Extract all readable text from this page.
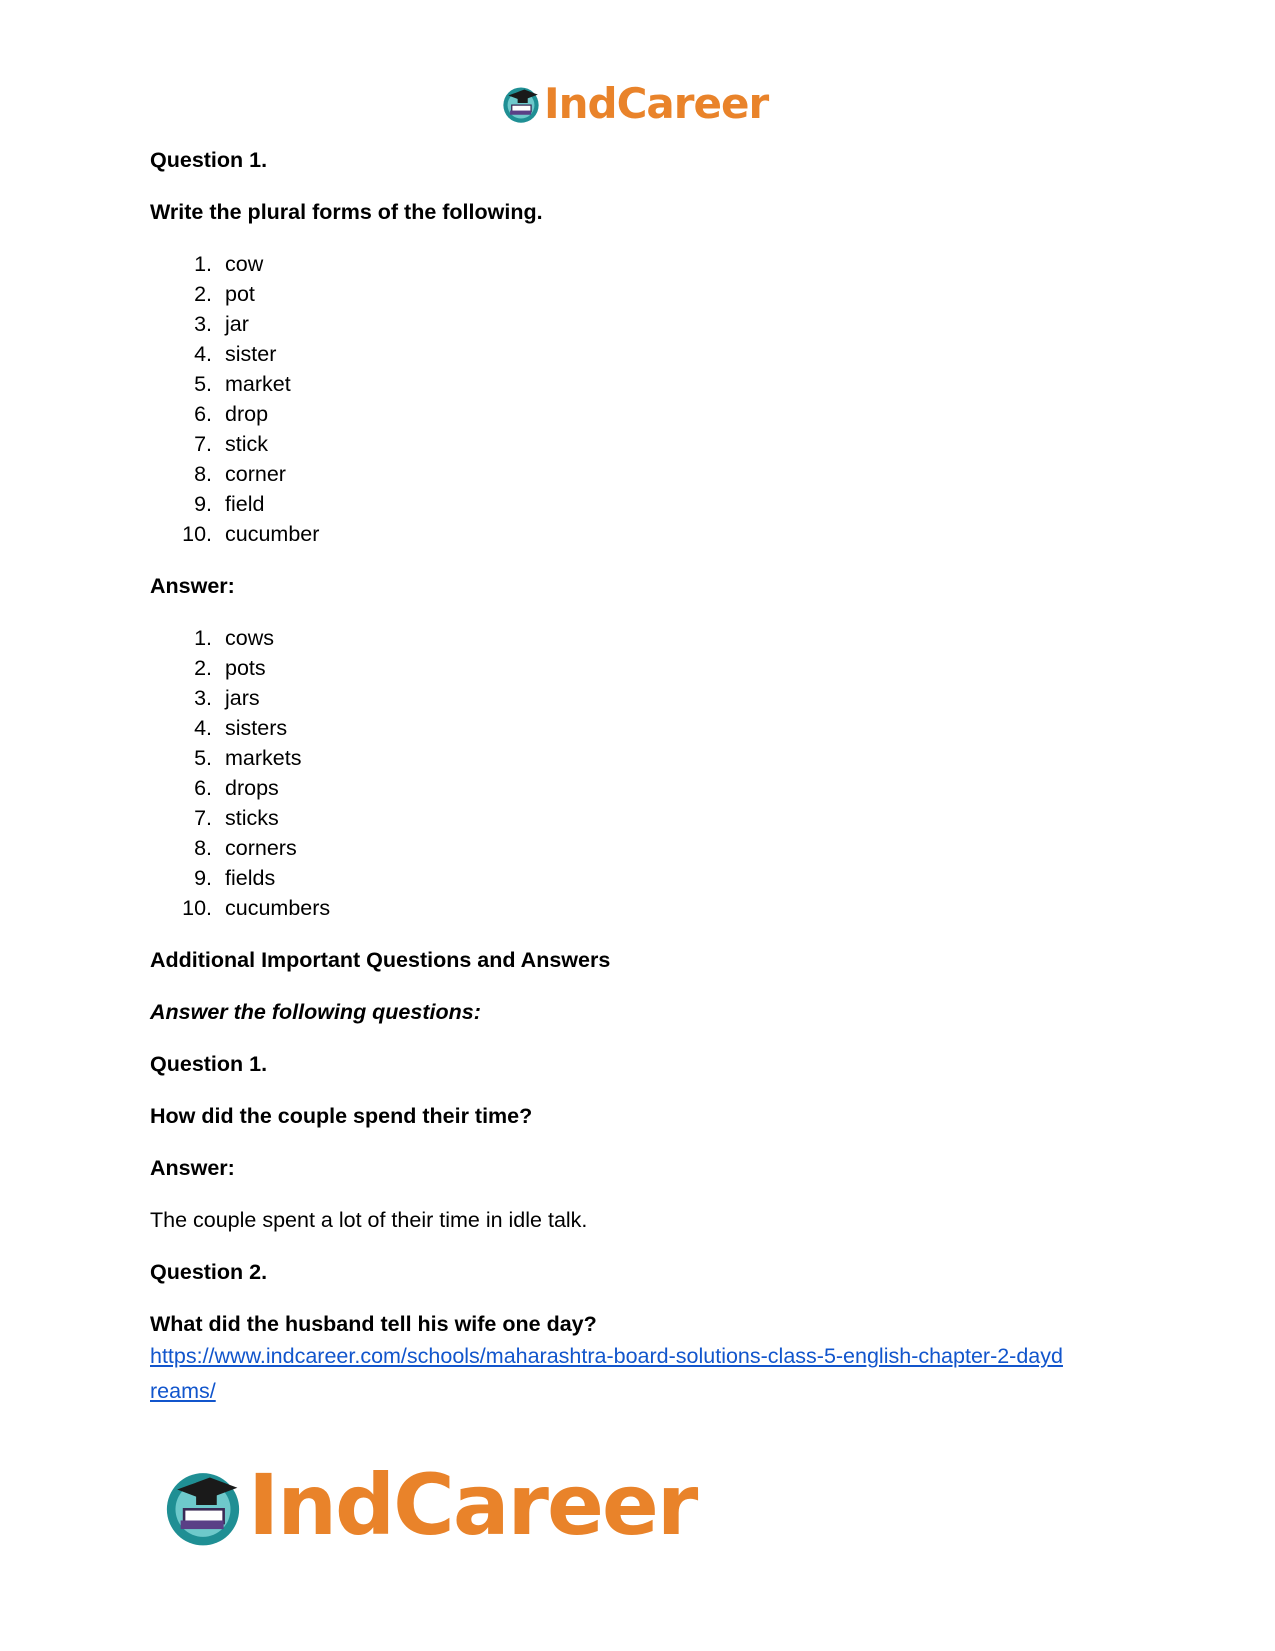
IndCareer

Question 1.

Write the plural forms of the following.

1. cow
2. pot
3. jar
4. sister
5. market
6. drop
7. stick
8. corner
9. field
10. cucumber

Answer:

1. cows
2. pots
3. jars
4. sisters
5. markets
6. drops
7. sticks
8. corners
9. fields
10. cucumbers

Additional Important Questions and Answers

Answer the following questions:

Question 1.

How did the couple spend their time?

Answer:

The couple spent a lot of their time in idle talk.

Question 2.

What did the husband tell his wife one day?

https://www.indcareer.com/schools/maharashtra-board-solutions-class-5-english-chapter-2-dayd
reams/
IndCareer
